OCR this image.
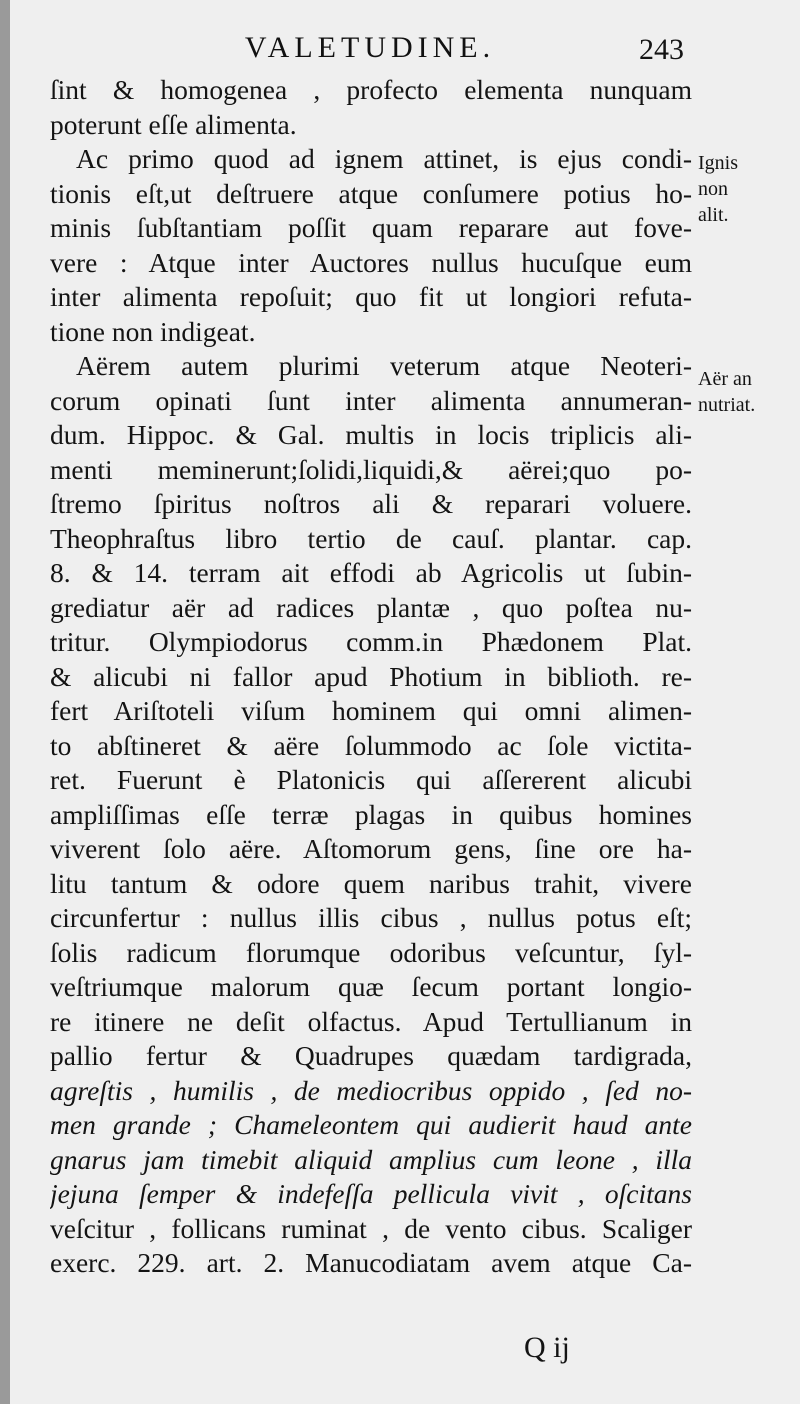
VALETUDINE.	243
ſint & homogenea , profecto elementa nunquam
poterunt eſſe alimenta.
Ac primo quod ad ignem attinet, is ejus condi-
tionis eſt,ut deſtruere atque conſumere potius ho-
minis ſubſtantiam poſſit quam reparare aut fove-
vere : Atque inter Auctores nullus hucuſque eum
inter alimenta repoſuit; quo fit ut longiori refuta-
tione non indigeat.
Aërem autem plurimi veterum atque Neoteri-
corum opinati ſunt inter alimenta annumeran-
dum. Hippoc. & Gal. multis in locis triplicis ali-
menti meminerunt;ſolidi,liquidi,& aërei;quo po-
ſtremo ſpiritus noſtros ali & reparari voluere.
Theophraſtus libro tertio de cauſ. plantar. cap.
8. & 14. terram ait effodi ab Agricolis ut ſubin-
grediatur aër ad radices plantæ , quo poſtea nu-
tritur. Olympiodorus comm.in Phædonem Plat.
& alicubi ni fallor apud Photium in biblioth. re-
fert Ariſtoteli viſum hominem qui omni alimen-
to abſtineret & aëre ſolummodo ac ſole victita-
ret. Fuerunt è Platonicis qui aſſererent alicubi
ampliſſimas eſſe terræ plagas in quibus homines
viverent ſolo aëre. Aſtomorum gens, ſine ore ha-
litu tantum & odore quem naribus trahit, vivere
circunfertur : nullus illis cibus , nullus potus eſt;
ſolis radicum florumque odoribus veſcuntur, ſyl-
veſtriumque malorum quæ ſecum portant longio-
re itinere ne deſit olfactus. Apud Tertullianum in
pallio fertur & Quadrupes quædam tardigrada,
agreſtis , humilis , de mediocribus oppido , ſed no-
men grande ; Chameleontem qui audierit haud ante
gnarus jam timebit aliquid amplius cum leone , illa
jejuna ſemper & indefeſſa pellicula vivit , oſcitans
veſcitur , follicans ruminat , de vento cibus. Scaliger
exerc. 229. art. 2. Manucodiatam avem atque Ca-
Ignis
non
alit.
Aër an
nutriat.
Q ij
